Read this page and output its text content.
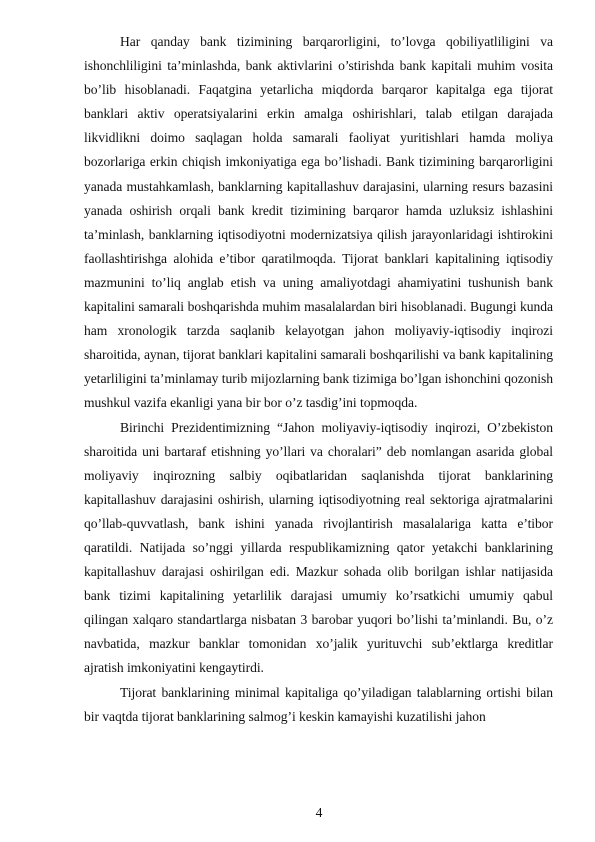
Har qanday bank tizimining barqarorligini, to’lovga qobiliyatliligini va ishonchliligini ta’minlashda, bank aktivlarini o’stirishda bank kapitali muhim vosita bo’lib hisoblanadi. Faqatgina yetarlicha miqdorda barqaror kapitalga ega tijorat banklari aktiv operatsiyalarini erkin amalga oshirishlari, talab etilgan darajada likvidlikni doimo saqlagan holda samarali faoliyat yuritishlari hamda moliya bozorlariga erkin chiqish imkoniyatiga ega bo’lishadi. Bank tizimining barqarorligini yanada mustahkamlash, banklarning kapitallashuv darajasini, ularning resurs bazasini yanada oshirish orqali bank kredit tizimining barqaror hamda uzluksiz ishlashini ta’minlash, banklarning iqtisodiyotni modernizatsiya qilish jarayonlaridagi ishtirokini faollashtirishga alohida e’tibor qaratilmoqda. Tijorat banklari kapitalining iqtisodiy mazmunini to’liq anglab etish va uning amaliyotdagi ahamiyatini tushunish bank kapitalini samarali boshqarishda muhim masalalardan biri hisoblanadi. Bugungi kunda ham xronologik tarzda saqlanib kelayotgan jahon moliyaviy-iqtisodiy inqirozi sharoitida, aynan, tijorat banklari kapitalini samarali boshqarilishi va bank kapitalining yetarliligini ta’minlamay turib mijozlarning bank tizimiga bo’lgan ishonchini qozonish mushkul vazifa ekanligi yana bir bor o’z tasdig’ini topmoqda.

Birinchi Prezidentimizning “Jahon moliyaviy-iqtisodiy inqirozi, O’zbekiston sharoitida uni bartaraf etishning yo’llari va choralari” deb nomlangan asarida global moliyaviy inqirozning salbiy oqibatlaridan saqlanishda tijorat banklarining kapitallashuv darajasini oshirish, ularning iqtisodiyotning real sektoriga ajratmalarini qo’llab-quvvatlash, bank ishini yanada rivojlantirish masalalariga katta e’tibor qaratildi. Natijada so’nggi yillarda respublikamizning qator yetakchi banklarining kapitallashuv darajasi oshirilgan edi. Mazkur sohada olib borilgan ishlar natijasida bank tizimi kapitalining yetarlilik darajasi umumiy ko’rsatkichi umumiy qabul qilingan xalqaro standartlarga nisbatan 3 barobar yuqori bo’lishi ta’minlandi. Bu, o’z navbatida, mazkur banklar tomonidan xo’jalik yurituvchi sub’ektlarga kreditlar ajratish imkoniyatini kengaytirdi.

Tijorat banklarining minimal kapitaliga qo’yiladigan talablarning ortishi bilan bir vaqtda tijorat banklarining salmog’i keskin kamayishi kuzatilishi jahon

4
